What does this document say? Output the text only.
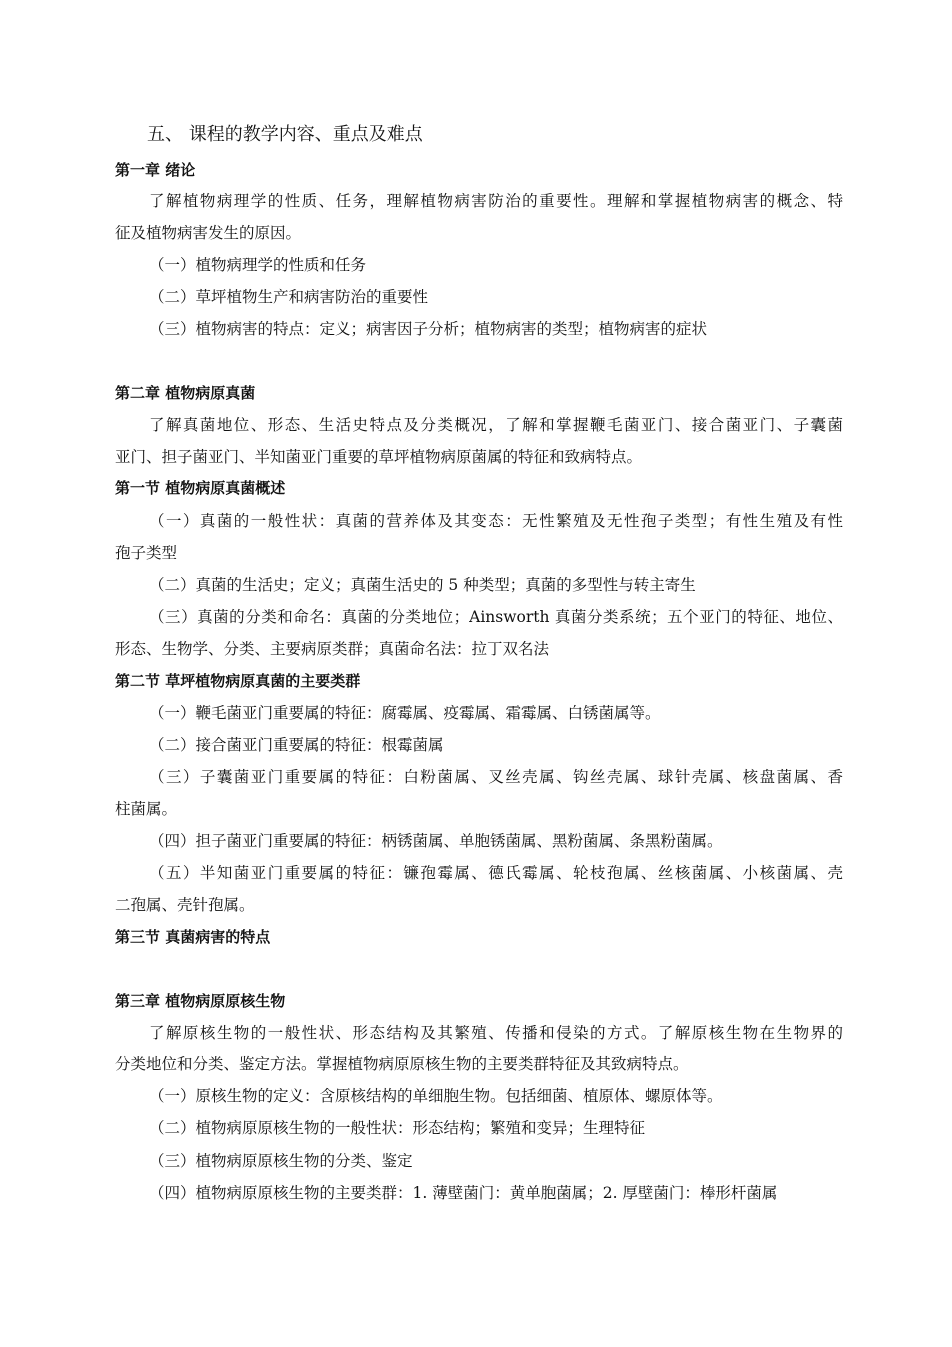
五、 课程的教学内容、重点及难点
第一章 绪论
了解植物病理学的性质、任务，理解植物病害防治的重要性。理解和掌握植物病害的概念、特
征及植物病害发生的原因。
（一）植物病理学的性质和任务
（二）草坪植物生产和病害防治的重要性
（三）植物病害的特点：定义；病害因子分析；植物病害的类型；植物病害的症状
第二章 植物病原真菌
了解真菌地位、形态、生活史特点及分类概况，了解和掌握鞭毛菌亚门、接合菌亚门、子囊菌
亚门、担子菌亚门、半知菌亚门重要的草坪植物病原菌属的特征和致病特点。
第一节 植物病原真菌概述
（一）真菌的一般性状：真菌的营养体及其变态：无性繁殖及无性孢子类型；有性生殖及有性
孢子类型
（二）真菌的生活史；定义；真菌生活史的 5 种类型；真菌的多型性与转主寄生
（三）真菌的分类和命名：真菌的分类地位；Ainsworth 真菌分类系统；五个亚门的特征、地位、
形态、生物学、分类、主要病原类群；真菌命名法：拉丁双名法
第二节 草坪植物病原真菌的主要类群
（一）鞭毛菌亚门重要属的特征：腐霉属、疫霉属、霜霉属、白锈菌属等。
（二）接合菌亚门重要属的特征：根霉菌属
（三）子囊菌亚门重要属的特征：白粉菌属、叉丝壳属、钩丝壳属、球针壳属、核盘菌属、香
柱菌属。
（四）担子菌亚门重要属的特征：柄锈菌属、单胞锈菌属、黑粉菌属、条黑粉菌属。
（五）半知菌亚门重要属的特征：镰孢霉属、德氏霉属、轮枝孢属、丝核菌属、小核菌属、壳
二孢属、壳针孢属。
第三节 真菌病害的特点
第三章 植物病原原核生物
了解原核生物的一般性状、形态结构及其繁殖、传播和侵染的方式。了解原核生物在生物界的
分类地位和分类、鉴定方法。掌握植物病原原核生物的主要类群特征及其致病特点。
（一）原核生物的定义：含原核结构的单细胞生物。包括细菌、植原体、螺原体等。
（二）植物病原原核生物的一般性状：形态结构；繁殖和变异；生理特征
（三）植物病原原核生物的分类、鉴定
（四）植物病原原核生物的主要类群：1. 薄壁菌门：黄单胞菌属；2. 厚壁菌门：棒形杆菌属
